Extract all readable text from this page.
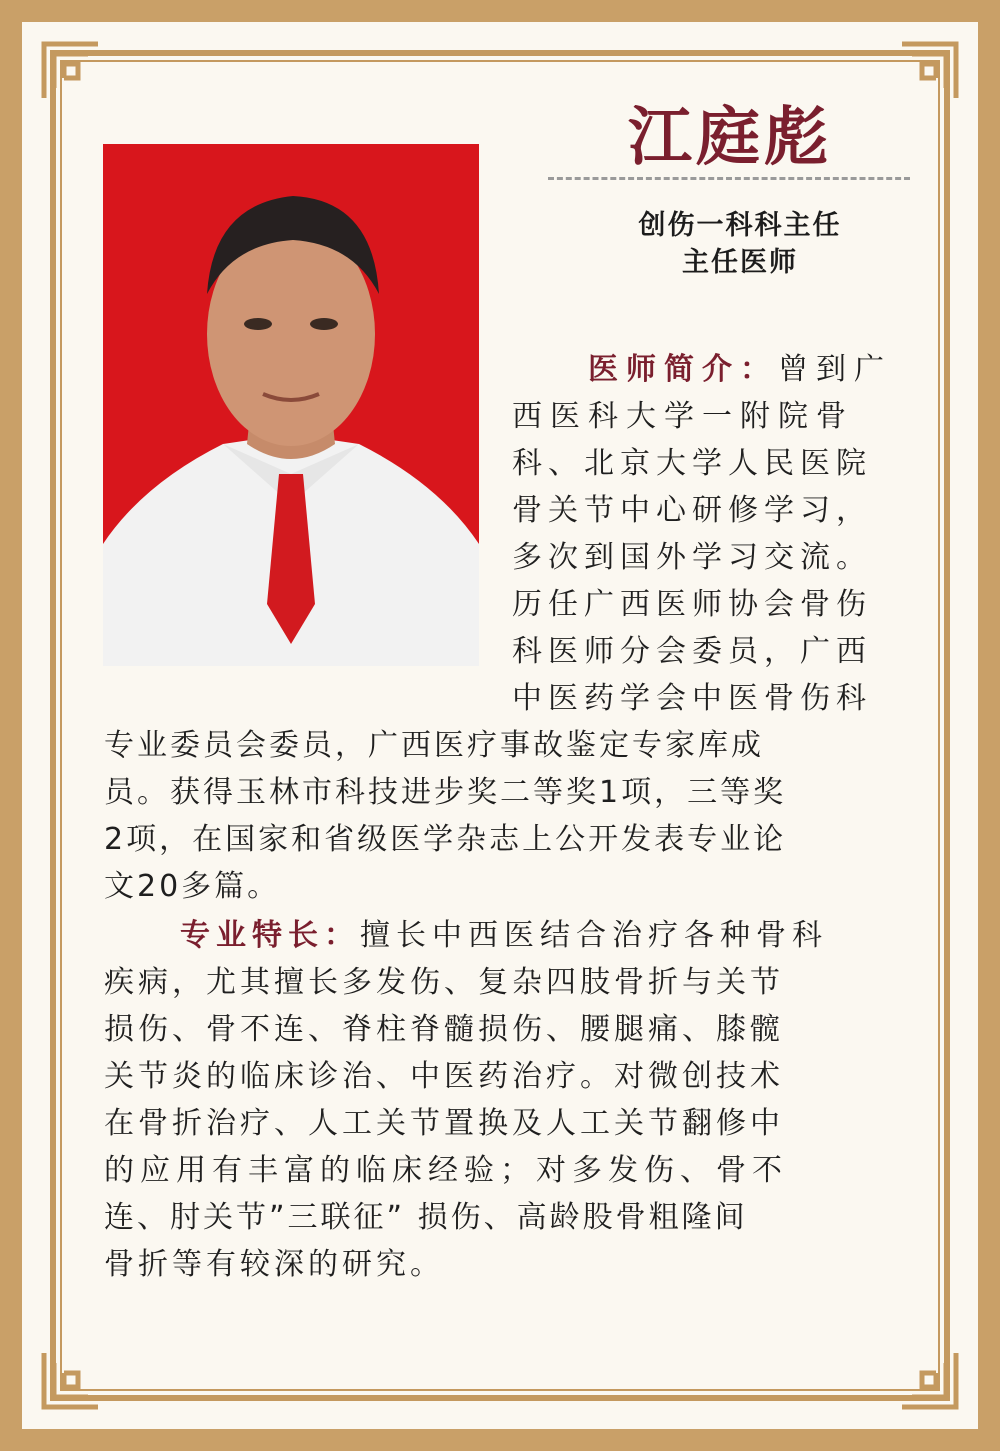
江庭彪
创伤一科科主任
主任医师
医师简介：曾到广
西医科大学一附院骨
科、北京大学人民医院
骨关节中心研修学习，
多次到国外学习交流。
历任广西医师协会骨伤
科医师分会委员，广西
中医药学会中医骨伤科
专业委员会委员，广西医疗事故鉴定专家库成
员。获得玉林市科技进步奖二等奖1项，三等奖
2项，在国家和省级医学杂志上公开发表专业论
文20多篇。
专业特长：擅长中西医结合治疗各种骨科
疾病，尤其擅长多发伤、复杂四肢骨折与关节
损伤、骨不连、脊柱脊髓损伤、腰腿痛、膝髋
关节炎的临床诊治、中医药治疗。对微创技术
在骨折治疗、人工关节置换及人工关节翻修中
的应用有丰富的临床经验；对多发伤、骨不
连、肘关节”三联征” 损伤、高龄股骨粗隆间
骨折等有较深的研究。
